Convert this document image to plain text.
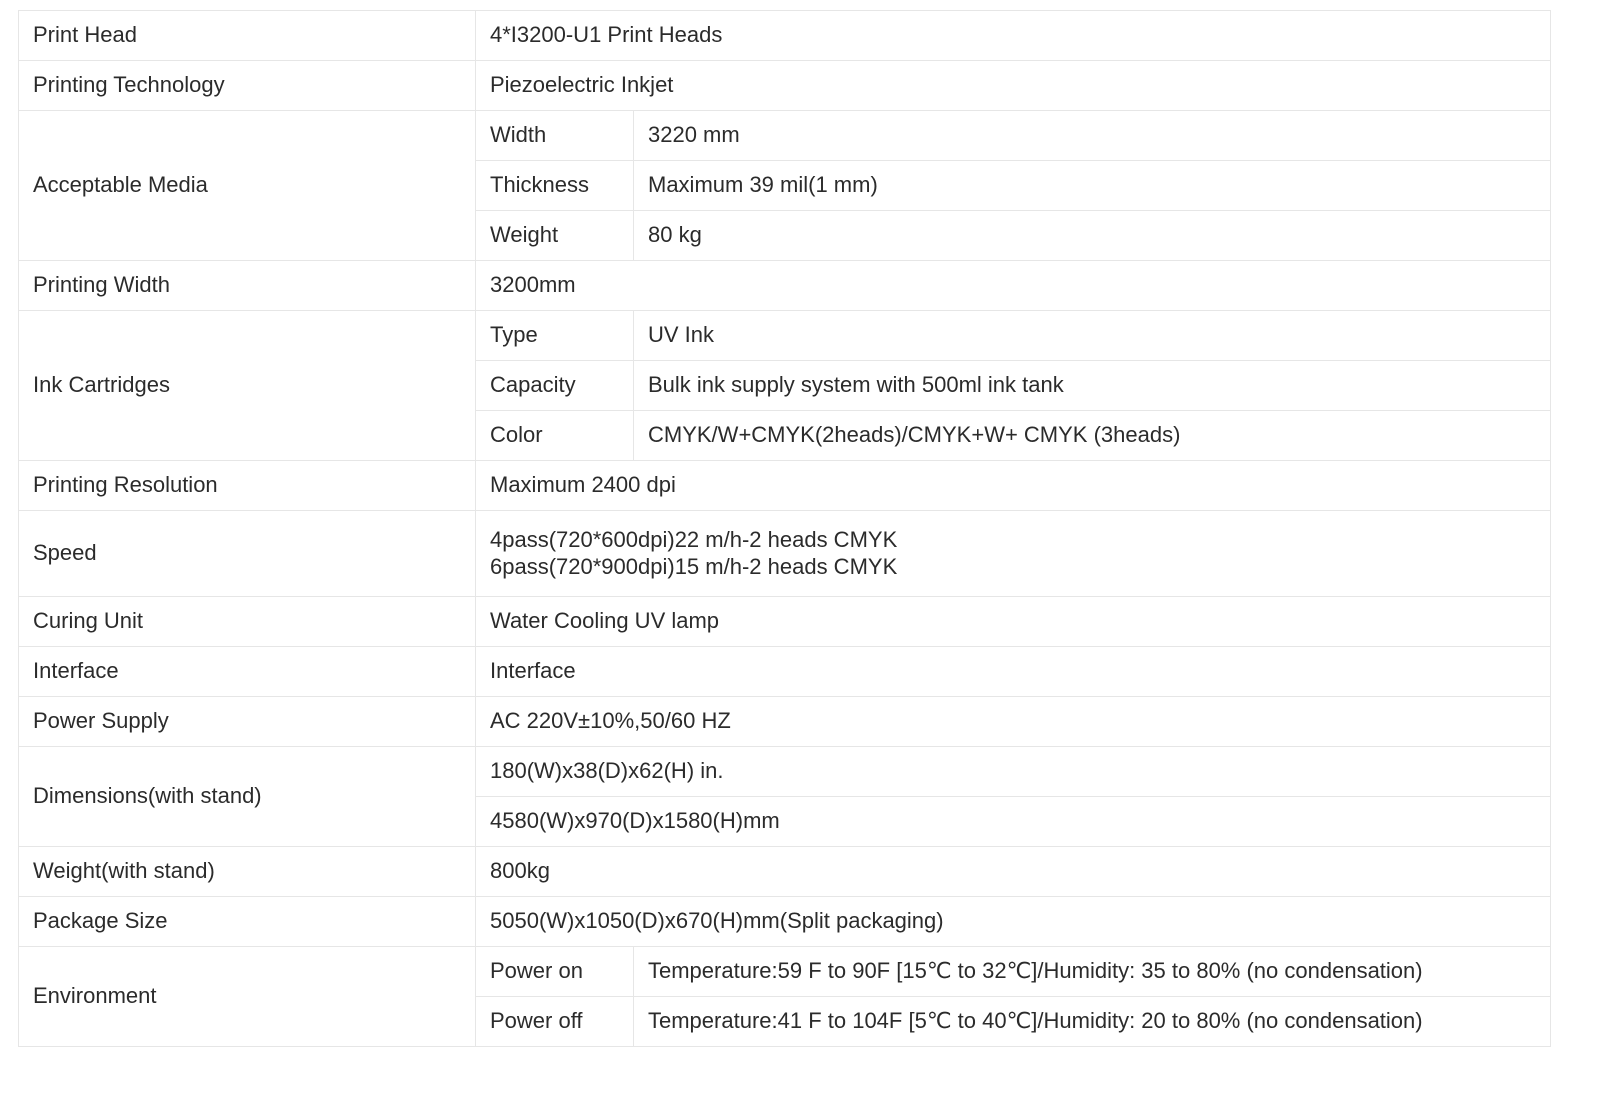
Print Head	4*I3200-U1 Print Heads	
Printing Technology	Piezoelectric Inkjet	
Acceptable Media	Width	3220 mm
	Thickness	Maximum 39 mil(1 mm)
	Weight	80 kg
Printing Width	3200mm	
Ink Cartridges	Type	UV Ink
	Capacity	Bulk ink supply system with 500ml ink tank
	Color	CMYK/W+CMYK(2heads)/CMYK+W+ CMYK (3heads)
Printing Resolution	Maximum 2400 dpi	
Speed	4pass(720*600dpi)22 m/h-2 heads CMYK
6pass(720*900dpi)15 m/h-2 heads CMYK	

Curing Unit	Water Cooling UV lamp	
Interface	Interface	
Power Supply	AC 220V±10%,50/60 HZ	
Dimensions(with stand)	180(W)x38(D)x62(H) in.	
	4580(W)x970(D)x1580(H)mm	
Weight(with stand)	800kg	
Package Size	5050(W)x1050(D)x670(H)mm(Split packaging)	
Environment	Power on	Temperature:59 F to 90F [15℃ to 32℃]/Humidity: 35 to 80% (no condensation)
	Power off	Temperature:41 F to 104F [5℃ to 40℃]/Humidity: 20 to 80% (no condensation)
